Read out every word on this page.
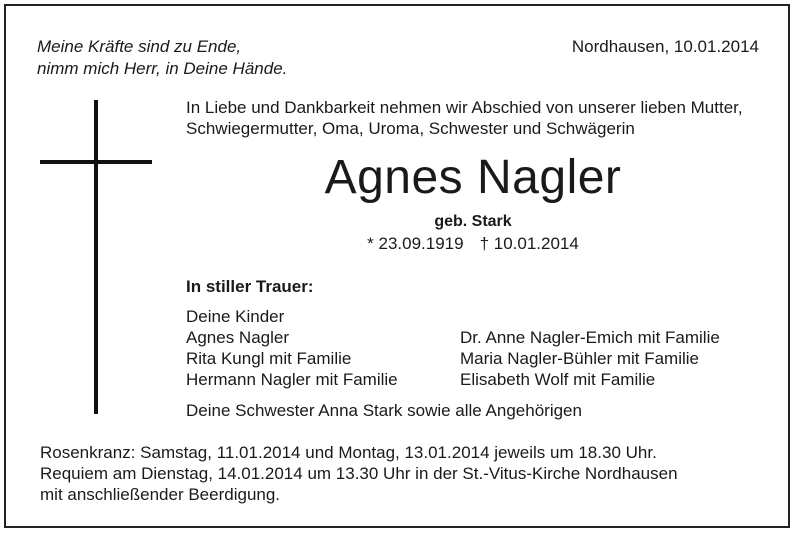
Meine Kräfte sind zu Ende,
nimm mich Herr, in Deine Hände.
Nordhausen, 10.01.2014
In Liebe und Dankbarkeit nehmen wir Abschied von unserer lieben Mutter,
Schwiegermutter, Oma, Uroma, Schwester und Schwägerin
Agnes Nagler
geb. Stark
* 23.09.1919 † 10.01.2014
In stiller Trauer:
Deine Kinder
Agnes Nagler
Rita Kungl mit Familie
Hermann Nagler mit Familie
Dr. Anne Nagler-Emich mit Familie
Maria Nagler-Bühler mit Familie
Elisabeth Wolf mit Familie
Deine Schwester Anna Stark sowie alle Angehörigen
Rosenkranz: Samstag, 11.01.2014 und Montag, 13.01.2014 jeweils um 18.30 Uhr.
Requiem am Dienstag, 14.01.2014 um 13.30 Uhr in der St.-Vitus-Kirche Nordhausen
mit anschließender Beerdigung.
